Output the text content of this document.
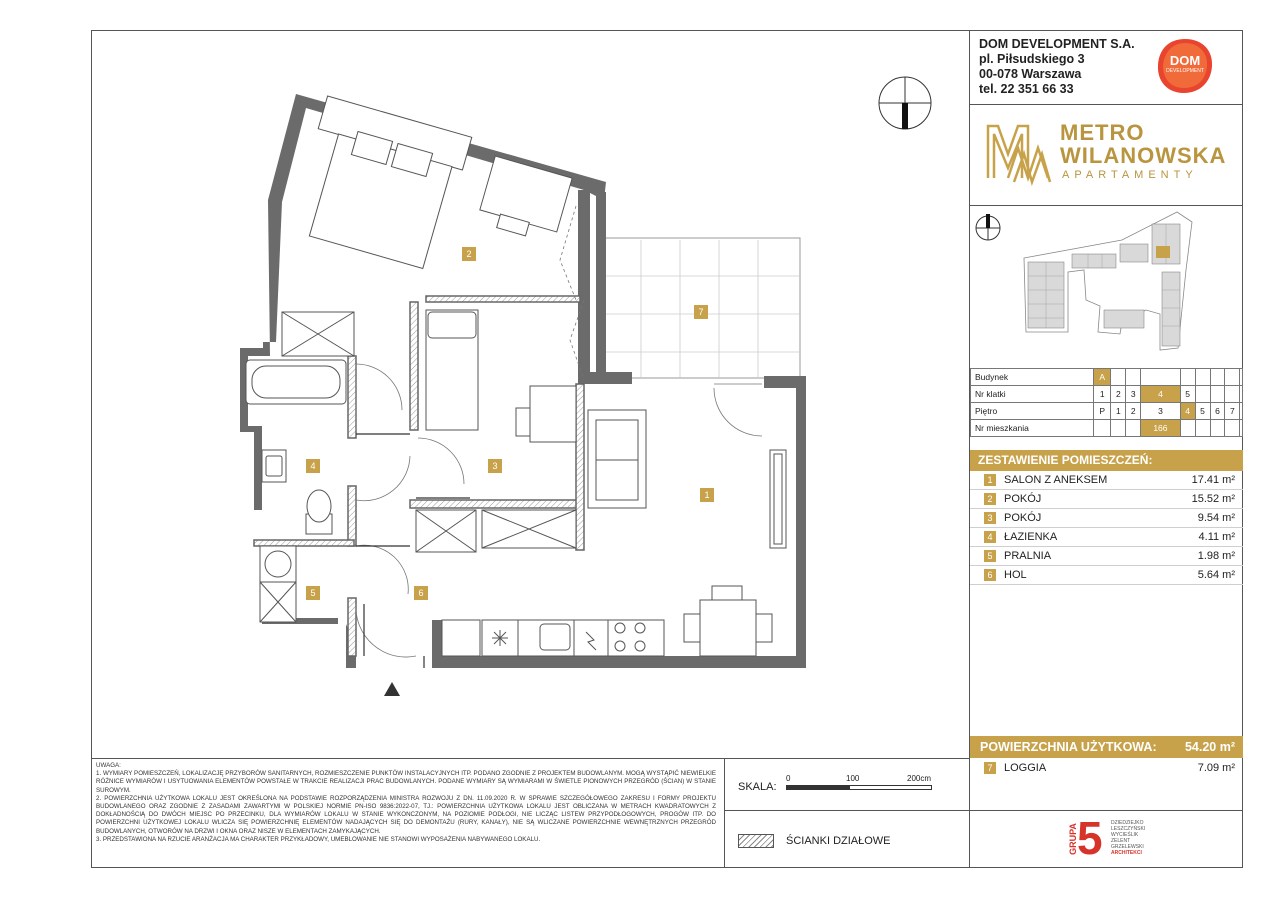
DOM DEVELOPMENT S.A.
pl. Piłsudskiego 3
00-078 Warszawa
tel. 22 351 66 33
DOM
DEVELOPMENT
METRO
WILANOWSKA
APARTAMENTY
Budynek	A								
Nr klatki	1	2	3	4	5				
Piętro	P	1	2	3	4	5	6	7	
Nr mieszkania				166					
ZESTAWIENIE POMIESZCZEŃ:
1 SALON Z ANEKSEM	17.41 m²
2 POKÓJ	15.52 m²
3 POKÓJ	9.54 m²
4 ŁAZIENKA	4.11 m²
5 PRALNIA	1.98 m²
6 HOL	5.64 m²
POWIERZCHNIA UŻYTKOWA: 54.20 m²
7 LOGGIA	7.09 m²
GRUPA 5 DZIEDZIEJKO
LESZCZYŃSKI
WYCIEŚLIK
ZELENT
GRZELEWSKI
ARCHITEKCI

UWAGA:

1. WYMIARY POMIESZCZEŃ, LOKALIZACJĘ PRZYBORÓW SANITARNYCH, ROZMIESZCZENIE PUNKTÓW INSTALACYJNYCH ITP. PODANO ZGODNIE Z PROJEKTEM BUDOWLANYM. MOGĄ WYSTĄPIĆ NIEWIELKIE RÓŻNICE WYMIARÓW I USYTUOWANIA ELEMENTÓW POWSTAŁE W TRAKCIE REALIZACJI PRAC BUDOWLANYCH. PODANE WYMIARY SĄ WYMIARAMI W ŚWIETLE PIONOWYCH PRZEGRÓD (ŚCIAN) W STANIE SUROWYM.

2. POWIERZCHNIA UŻYTKOWA LOKALU JEST OKREŚLONA NA PODSTAWIE ROZPORZĄDZENIA MINISTRA ROZWOJU Z DN. 11.09.2020 R. W SPRAWIE SZCZEGÓŁOWEGO ZAKRESU I FORMY PROJEKTU BUDOWLANEGO ORAZ ZGODNIE Z ZASADAMI ZAWARTYMI W POLSKIEJ NORMIE PN-ISO 9836:2022-07, TJ.: POWIERZCHNIA UŻYTKOWA LOKALU JEST OBLICZANA W METRACH KWADRATOWYCH Z DOKŁADNOŚCIĄ DO DWÓCH MIEJSC PO PRZECINKU, DLA WYMIARÓW LOKALU W STANIE WYKONCZONYM, NA POZIOMIE PODŁOGI, NIE LICZĄC LISTEW PRZYPODŁOGOWYCH, PROGÓW ITP. DO POWIERZCHNI UŻYTKOWEJ LOKALU WLICZA SIĘ POWIERZCHNIĘ ELEMENTÓW NADAJĄCYCH SIĘ DO DEMONTAŻU (RURY, KANAŁY), NIE SĄ WLICZANE POWIERZCHNIE WEWNĘTRZNYCH PRZEGRÓD BUDOWLANYCH, OTWORÓW NA DRZWI I OKNA ORAZ NISZE W ELEMENTACH ZAMYKAJĄCYCH.

3. PRZEDSTAWIONA NA RZUCIE ARANŻACJA MA CHARAKTER PRZYKŁADOWY, UMEBLOWANIE NIE STANOWI WYPOSAŻENIA NABYWANEGO LOKALU.

SKALA:
0	100	200cm
ŚCIANKI DZIAŁOWE
1
2
3
4
5	6
7
